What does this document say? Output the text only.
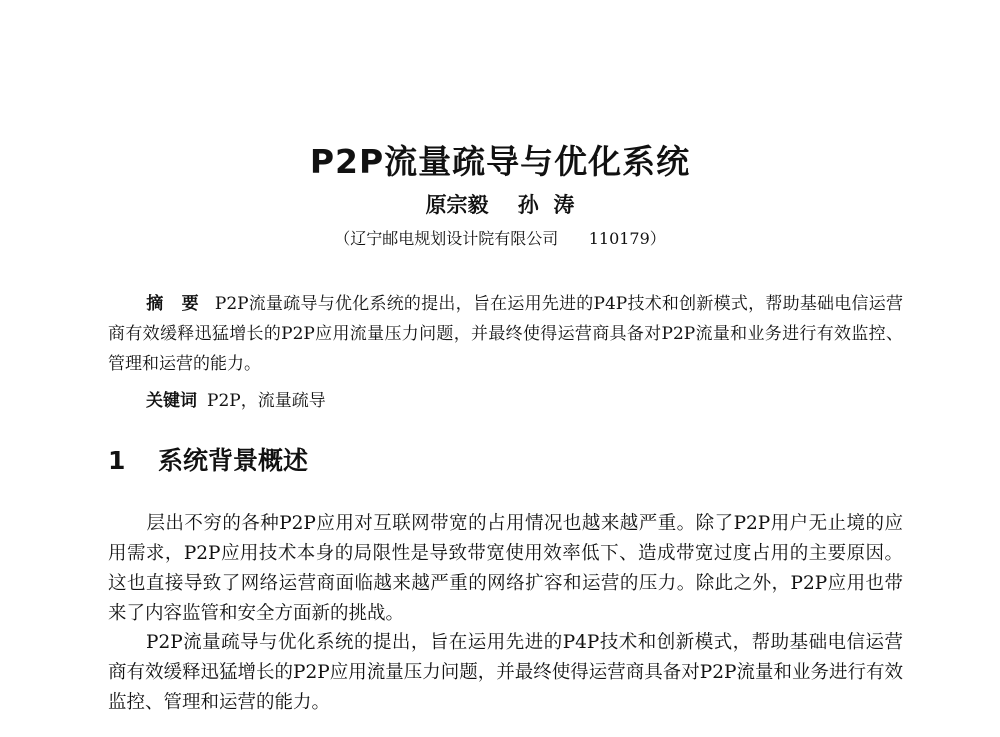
P2P流量疏导与优化系统
原宗毅    孙  涛
（辽宁邮电规划设计院有限公司      110179）

摘 要 P2P流量疏导与优化系统的提出，旨在运用先进的P4P技术和创新模式，帮助基础电信运营商有效缓释迅猛增长的P2P应用流量压力问题，并最终使得运营商具备对P2P流量和业务进行有效监控、管理和运营的能力。

关键词 P2P，流量疏导
1 系统背景概述

层出不穷的各种P2P应用对互联网带宽的占用情况也越来越严重。除了P2P用户无止境的应用需求，P2P应用技术本身的局限性是导致带宽使用效率低下、造成带宽过度占用的主要原因。这也直接导致了网络运营商面临越来越严重的网络扩容和运营的压力。除此之外，P2P应用也带来了内容监管和安全方面新的挑战。

P2P流量疏导与优化系统的提出，旨在运用先进的P4P技术和创新模式，帮助基础电信运营商有效缓释迅猛增长的P2P应用流量压力问题，并最终使得运营商具备对P2P流量和业务进行有效监控、管理和运营的能力。
